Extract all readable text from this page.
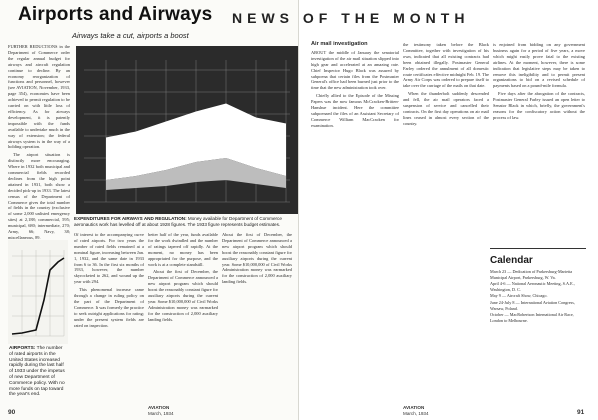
Airports and Airways
Airways take a cut, airports a boost

FURTHER REDUCTIONS in the Department of Commerce order the regular annual budget for airways and aircraft regulation continue to decline. By an economy reorganization of functions and personnel, however (see AVIATION, November, 1933, page 354), economies have been achieved to permit regulation to be carried on with little loss of efficiency. As for airways development, it is patently impossible with the funds available to undertake much in the way of extension; the federal airways system is in the way of a holding operation.

The airport situation is distinctly more encouraging. Where in 1932 both municipal and commercial fields recorded declines from the high point attained in 1931, both show a decided pick-up in 1933. The latest census of the Department of Commerce gives the total number of fields in the country (exclusive of some 2,000 unlisted emergency sites) at 2,188; commercial, 595; municipal, 680; intermediate, 270; Army, 66; Navy, 38; miscellaneous, 89.

EXPENDITURES FOR AIRWAYS AND REGULATION: Money available for Department of Commerce aeronautics work has levelled off at about 1928 figures. The 1933 figure represents budget estimates.
AIRPORTS: The number of rated airports in the United States increased rapidly during the last half of 1933 under the impetus of new Department of Commerce policy. With no more funds on tap toward the year's end.

Of interest to the accompanying curve of rated airports. For two years the number of rated fields remained at a nominal figure, increasing between Jan. 1, 1932, and the same date in 1933 from 6 to 36. In the first six months of 1933, however, the number skyrocketed to 262, and wound up the year with 294.

This phenomenal increase came through a change in ruling policy on the part of the Department of Commerce. It was formerly the practice to seek outright applications for rating; under the present system fields are rated on inspection.

better half of the year, funds available for the work dwindled and the number of ratings tapered off rapidly. At the moment, no money has been appropriated for the purpose, and the work is at a complete standstill.

About the first of December, the Department of Commerce announced a new airport program which should boost the reasonably constant figure for auxiliary airports during the current year. Some $10,000,000 of Civil Works Administration money was earmarked for the construction of 2,000 auxiliary landing fields.

About the first of December, the Department of Commerce announced a new airport program which should boost the reasonably constant figure for auxiliary airports during the current year. Some $10,000,000 of Civil Works Administration money was earmarked for the construction of 2,000 auxiliary landing fields.

90
AVIATION
March, 1934
NEWS OF THE MONTH
Air mail investigation

ABOUT the middle of January the senatorial investigation of the air mail situation slipped into high gear and accelerated at an amazing rate. Chief Inspector Hugo Black was assured by subpoena that certain files from the Postmaster General's office had been burned just prior to the time that the new administration took over.

Chiefly allied to the Episode of the Missing Papers was the now famous McCracken-Britten-Hanshue incident. Here the committee subpoenaed the files of an Assistant Secretary of Commerce William MacCracken for examination.

the testimony taken before the Black Committee, together with investigation of his own, indicated that all existing contracts had been obtained illegally. Postmaster General Farley ordered the annulment of all domestic route certificates effective midnight Feb. 19. The Army Air Corps was ordered to prepare itself to take over the carriage of the mails on that date.

When the thunderbolt suddenly descended and fell, the air mail operators faced a suspension of service and cancelled their contracts. On the first day operations on air mail lines ceased in almost every section of the country.

is enjoined from bidding on any government business again for a period of five years, a move which might easily prove fatal to the existing airlines. At the moment, however, there is some indication that legislative steps may be taken to remove this ineligibility and to permit present organizations to bid on a revised schedule of payments based on a pound-mile formula.

Five days after the abrogation of the contracts, Postmaster General Farley issued an open letter to Senator Black in which, briefly, the government's reasons for the confiscatory action without the process of law.

AVIATION
March, 1934	91
Calendar
March 23 — Dedication of Parkersburg-Marietta Municipal Airport, Parkersburg, W. Va.
April 4-6 — National Aeronautic Meeting, S.A.E., Washington, D. C.
May 9 — Aircraft Show, Chicago.
June 24-July 8 — International Aviation Congress, Warsaw, Poland.
October — MacRobertson International Air Race, London to Melbourne.
